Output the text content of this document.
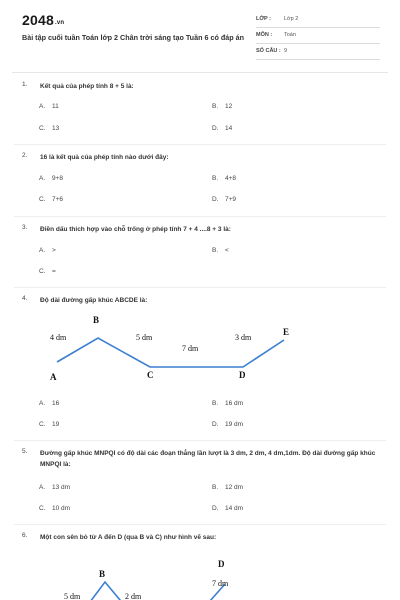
2048.vn
Bài tập cuối tuần Toán lớp 2 Chân trời sáng tạo Tuần 6 có đáp án
LỚP : Lớp 2
MÔN : Toán
SỐ CÂU : 9
1. Kết quả của phép tính 8 + 5 là:
A. 11	B. 12
C. 13	D. 14
2. 16 là kết quả của phép tính nào dưới đây:
A. 9+8	B. 4+8
C. 7+6	D. 7+9
3. Điền dấu thích hợp vào chỗ trống ở phép tính 7 + 4 ....8 + 3 là:
A. >	B. <
C. =
4. Độ dài đường gấp khúc ABCDE là:
B
A	C	D
E
4 dm	5 dm
7 dm
3 dm
A. 16	B. 16 dm
C. 19	D. 19 dm
5. Đường gấp khúc MNPQI có độ dài các đoạn thẳng lần lượt là 3 dm, 2 dm, 4 dm,1dm. Độ dài đường gấp khúc MNPQI là:
A. 13 dm	B. 12 dm
C. 10 dm	D. 14 dm
6. Một con sên bò từ A đến D (qua B và C) như hình vẽ sau:
B
D
5 dm	2 dm
7 dm
